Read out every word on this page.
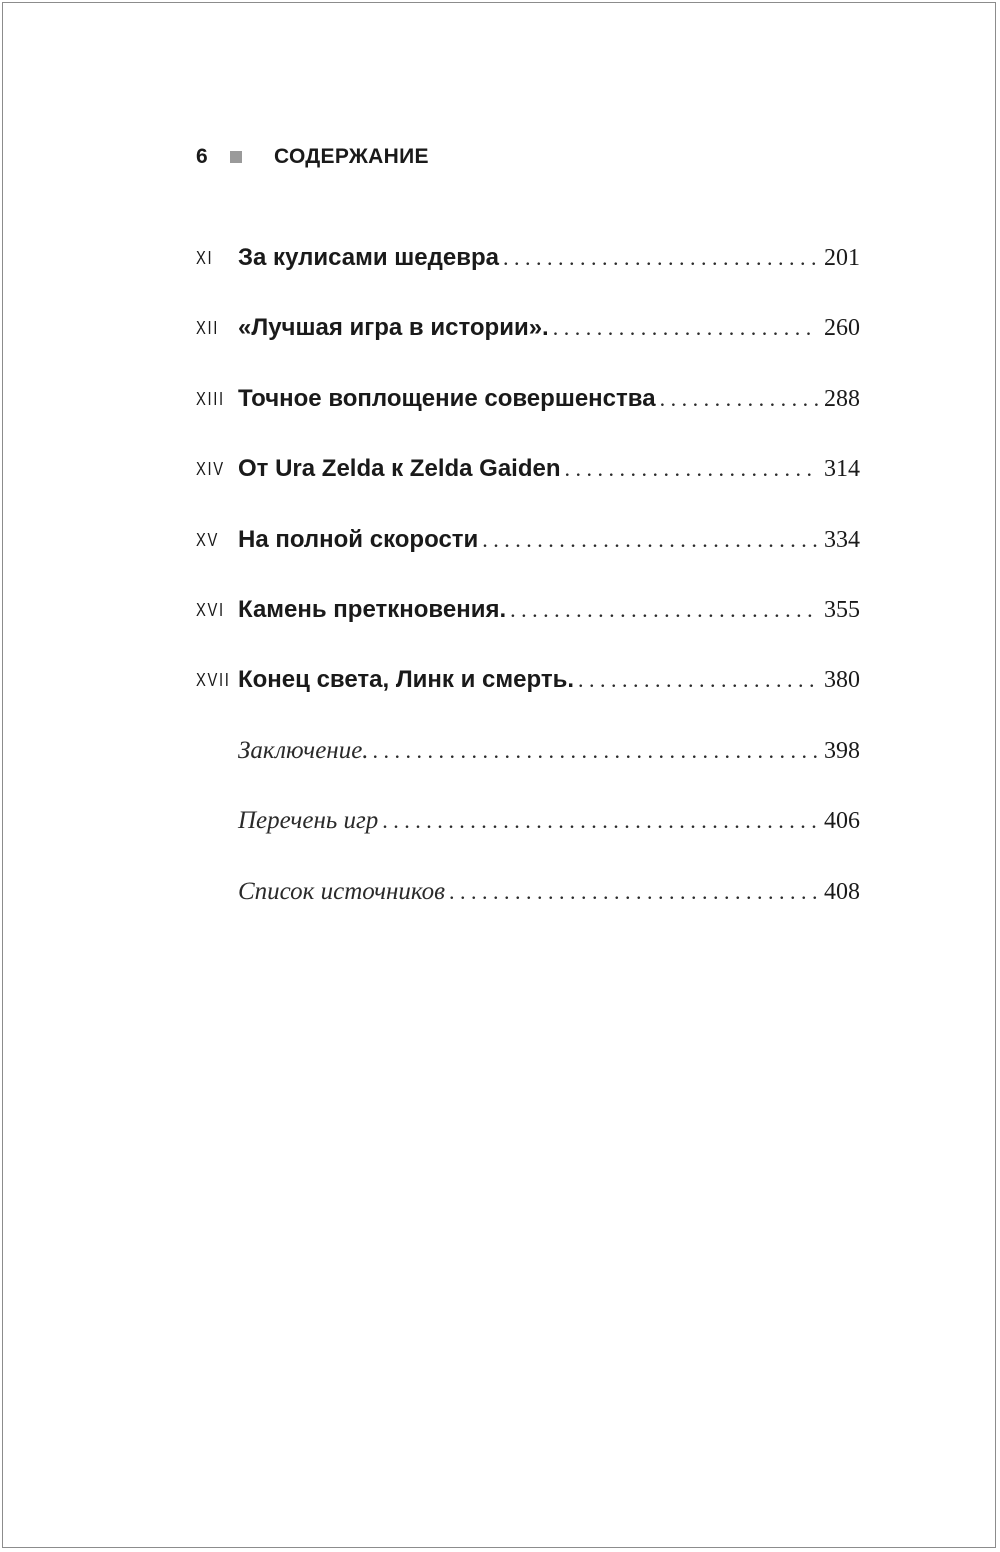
6	СОДЕРЖАНИЕ
XI	За кулисами шедевра . . .	201
XII «Лучшая игра в истории». . . .	260
XIII Точное воплощение совершенства . . .	288
XIV От Ura Zelda к Zelda Gaiden . . .	314
XV На полной скорости . . .	334
XVI Камень преткновения. . . .	355
XVII Конец света, Линк и смерть. . . .	380
Заключение. . . .	398
Перечень игр . . .	406
Список источников . . .	408
